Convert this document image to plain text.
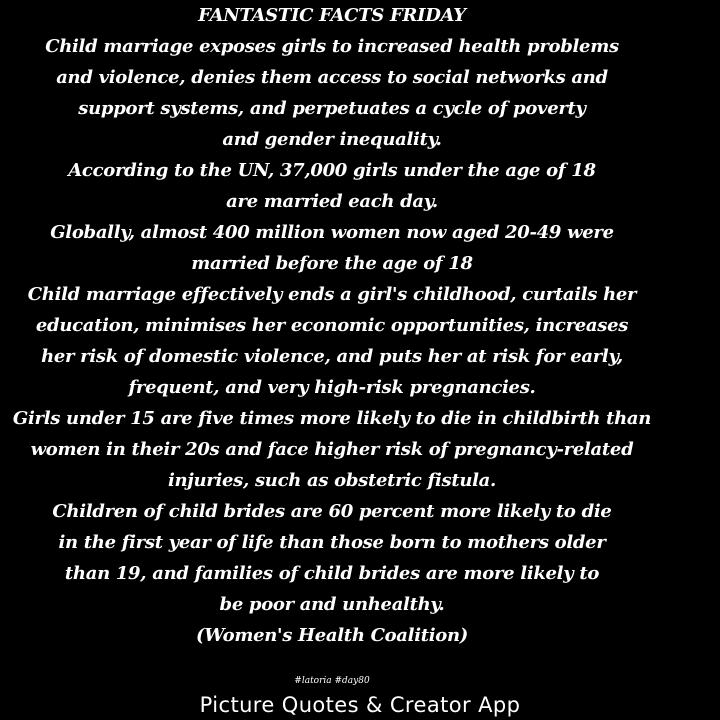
FANTASTIC FACTS FRIDAY
Child marriage exposes girls to increased health problems
and violence, denies them access to social networks and
support systems, and perpetuates a cycle of poverty
and gender inequality.
According to the UN, 37,000 girls under the age of 18
are married each day.
Globally, almost 400 million women now aged 20-49 were
married before the age of 18
Child marriage effectively ends a girl's childhood, curtails her
education, minimises her economic opportunities, increases
her risk of domestic violence, and puts her at risk for early,
frequent, and very high-risk pregnancies.
Girls under 15 are five times more likely to die in childbirth than
women in their 20s and face higher risk of pregnancy-related
injuries, such as obstetric fistula.
Children of child brides are 60 percent more likely to die
in the first year of life than those born to mothers older
than 19, and families of child brides are more likely to
be poor and unhealthy.
(Women's Health Coalition)
#latoria #day80
Picture Quotes & Creator App
